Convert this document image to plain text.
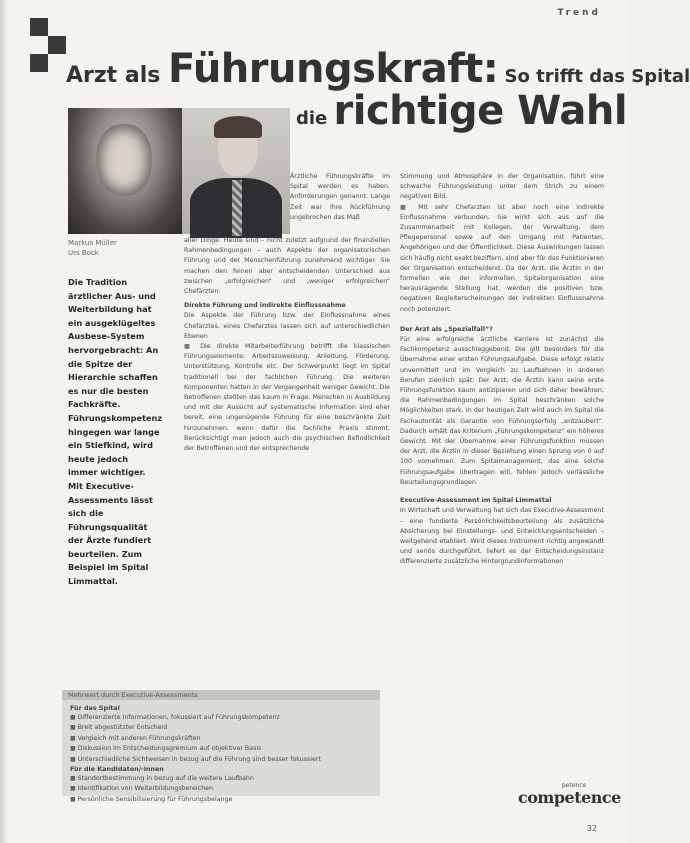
Trend
Arzt als Führungskraft: So trifft das Spital
die richtige Wahl
Markus Müller
Urs Bock
Die Tradition ärztlicher Aus- und Weiterbildung hat ein ausgeklügeltes Ausbese-System hervorgebracht: An die Spitze der Hierarchie schaffen es nur die besten Fachkräfte. Führungskompetenz hingegen war lange ein Stiefkind, wird heute jedoch immer wichtiger. Mit Executive-Assessments lässt sich die Führungsqualität der Ärzte fundiert beurteilen. Zum Beispiel im Spital Limmattal.

Ärztliche Führungskräfte im Spital werden es haben. Anforderungen genannt. Lange Zeit war ihre Rückführung ungebrochen das Maß

aller Dinge. Heute sind – nicht zuletzt aufgrund der finanziellen Rahmenbedingungen – auch Aspekte der organisatorischen Führung und der Menschenführung zunehmend wichtiger. Sie machen den feinen aber entscheidenden Unterschied aus zwischen „erfolgreichen“ und „weniger erfolgreichen“ Chefärzten.

Direkte Führung und indirekte Einflussnahme

Die Aspekte der Führung bzw. der Einflussnahme eines Chefarztes, eines Chefarztes lassen sich auf unterschiedlichen Ebenen

■ Die direkte Mitarbeiterführung betrifft die klassischen Führungselemente: Arbeitszuweisung, Anleitung, Förderung, Unterstützung, Kontrolle etc. Der Schwerpunkt liegt im Spital traditionell bei der fachlichen Führung. Die weiteren Komponenten hatten in der Vergangenheit weniger Gewicht. Die Betroffenen stellten das kaum in Frage: Menschen in Ausbildung und mit der Aussicht auf systematische Information sind eher bereit, eine ungenügende Führung für eine beschränkte Zeit hinzunehmen, wenn dafür die fachliche Praxis stimmt. Berücksichtigt man jedoch auch die psychischen Befindlichkeit der Betroffenen und der entsprechende

Stimmung und Atmosphäre in der Organisation, führt eine schwache Führungsleistung unter dem Strich zu einem negativen Bild.

■ Mit sehr Chefarzten ist aber noch eine indirekte Einflussnahme verbunden. Sie wirkt sich aus auf die Zusammenarbeit mit Kollegen, der Verwaltung, dem Pflegepersonal sowie auf den Umgang mit Patienten, Angehörigen und der Öffentlichkeit. Diese Auswirkungen lassen sich häufig nicht exakt beziffern, sind aber für das Funktionieren der Organisation entscheidend. Da der Arzt, die Ärztin in der formellen wie der informellen Spitalorganisation eine herausragende Stellung hat, werden die positiven bzw. negativen Begleiterscheinungen der indirekten Einflussnahme noch potenziert.

Der Arzt als „Spezialfall“?

Für eine erfolgreiche ärztliche Karriere ist zunächst die Fachkompetenz ausschlaggebend. Die gilt besonders für die Übernahme einer ersten Führungsaufgabe. Diese erfolgt relativ unvermittelt und im Vergleich zu Laufbahnen in anderen Berufen ziemlich spät: Der Arzt, die Ärztin kann seine erste Führungsfunktion kaum antizipieren und sich daher bewähren; die Rahmenbedingungen im Spital beschränken solche Möglichkeiten stark. In der heutigen Zeit wird auch im Spital die Fachautorität als Garantie von Führungserfolg „entzaubert“. Dadurch erhält das Kriterium „Führungskompetenz“ ein höheres Gewicht. Mit der Übernahme einer Führungsfunktion müssen der Arzt, die Ärztin in dieser Beziehung einen Sprung von 0 auf 100 vornehmen. Zum Spitalmanagement, das eine solche Führungsaufgabe übertragen will, fehlen jedoch verlässliche Beurteilungsgrundlagen.

Executive-Assessment im Spital Limmattal

In Wirtschaft und Verwaltung hat sich das Executive-Assessment – eine fundierte Persönlichkeitsbeurteilung als zusätzliche Absicherung bei Einstellungs- und Entwicklungsentscheiden – weitgehend etabliert. Wird dieses Instrument richtig angewandt und seriös durchgeführt, liefert es der Entscheidungsinstanz differenzierte zusätzliche Hintergrundinformationen

Mehrwert durch Executive-Assessments
Für das Spital
■ Differenzierte Informationen, fokussiert auf Führungskompetenz
■ Breit abgestützter Entscheid
■ Vergleich mit anderen Führungskräften
■ Diskussion im Entscheidungsgremium auf objektiver Basis
■ Unterschiedliche Sichtweisen in bezug auf die Führung sind besser fokussiert
Für die Kandidaten/-innen
■ Standortbestimmung in bezug auf die weitere Laufbahn
■ Identifikation von Weiterbildungsbereichen
■ Persönliche Sensibilisierung für Führungsbelange
petence
competence
32
